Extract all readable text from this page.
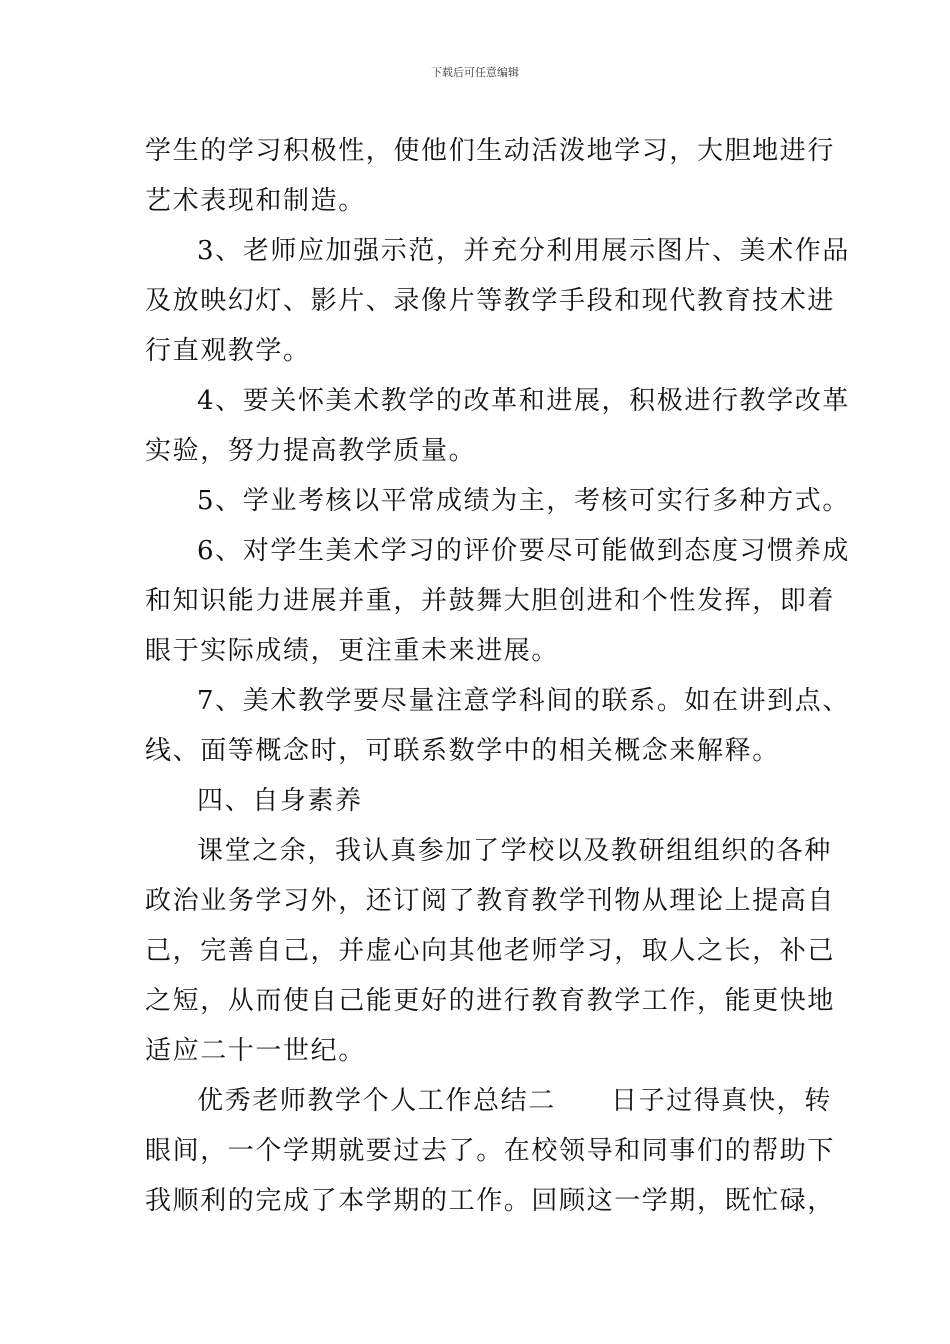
下载后可任意编辑
学生的学习积极性，使他们生动活泼地学习，大胆地进行
艺术表现和制造。
3、老师应加强示范，并充分利用展示图片、美术作品
及放映幻灯、影片、录像片等教学手段和现代教育技术进
行直观教学。
4、要关怀美术教学的改革和进展，积极进行教学改革
实验，努力提高教学质量。
5、学业考核以平常成绩为主，考核可实行多种方式。
6、对学生美术学习的评价要尽可能做到态度习惯养成
和知识能力进展并重，并鼓舞大胆创进和个性发挥，即着
眼于实际成绩，更注重未来进展。
7、美术教学要尽量注意学科间的联系。如在讲到点、
线、面等概念时，可联系数学中的相关概念来解释。
四、自身素养
课堂之余，我认真参加了学校以及教研组组织的各种
政治业务学习外，还订阅了教育教学刊物从理论上提高自
己，完善自己，并虚心向其他老师学习，取人之长，补己
之短，从而使自己能更好的进行教育教学工作，能更快地
适应二十一世纪。
优秀老师教学个人工作总结二　　日子过得真快，转
眼间，一个学期就要过去了。在校领导和同事们的帮助下
我顺利的完成了本学期的工作。回顾这一学期，既忙碌，
